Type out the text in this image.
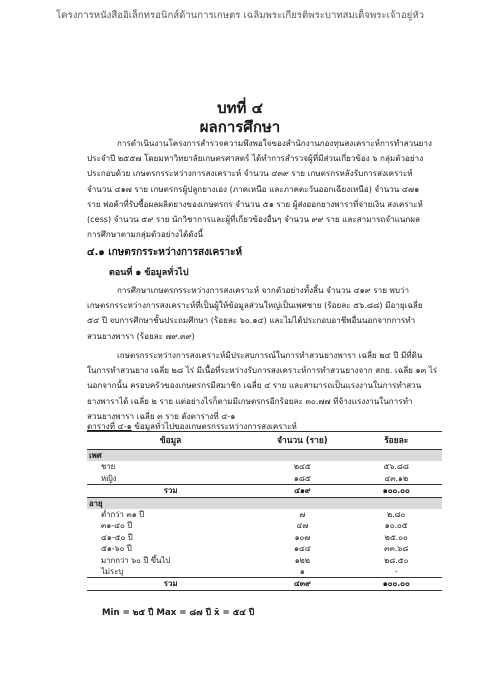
โครงการหนังสืออิเล็กทรอนิกส์ด้านการเกษตร เฉลิมพระเกียรติพระบาทสมเด็จพระเจ้าอยู่หัว
บทที่ ๔
ผลการศึกษา
การดำเนินงานโครงการสำรวจความพึงพอใจของสำนักงานกองทุนสงเคราะห์การทำสวนยาง
ประจำปี ๒๕๕๗ โดยมหาวิทยาลัยเกษตรศาสตร์ ได้ทำการสำรวจผู้ที่มีส่วนเกี่ยวข้อง ๖ กลุ่มตัวอย่าง
ประกอบด้วย เกษตรกรระหว่างการสงเคราะห์ จำนวน ๔๓๙ ราย เกษตรกรหลังรับการสงเคราะห์
จำนวน ๔๑๗ ราย เกษตรกรผู้ปลูกยางเอง (ภาคเหนือ และภาคตะวันออกเฉียงเหนือ) จำนวน ๔๗๑
ราย พ่อค้าที่รับซื้อผลผลิตยางของเกษตรกร จำนวน ๕๑ ราย ผู้ส่งออกยางพาราที่จ่ายเงิน สงเคราะห์
(cess) จำนวน ๕๙ ราย นักวิชาการและผู้ที่เกี่ยวข้องอื่นๆ จำนวน ๙๙ ราย และสามารถจำแนกผล
การศึกษาตามกลุ่มตัวอย่างได้ดังนี้
๔.๑ เกษตรกรระหว่างการสงเคราะห์
ตอนที่ ๑ ข้อมูลทั่วไป
การศึกษาเกษตรกรระหว่างการสงเคราะห์ จากตัวอย่างทั้งสิ้น จำนวน ๔๑๙ ราย พบว่า
เกษตรกรระหว่างการสงเคราะห์ที่เป็นผู้ให้ข้อมูลส่วนใหญ่เป็นเพศชาย (ร้อยละ ๕๖.๘๘) มีอายุเฉลี่ย
๕๔ ปี จบการศึกษาชั้นประถมศึกษา (ร้อยละ ๖๐.๑๔) และไม่ได้ประกอบอาชีพอื่นนอกจากการทำ
สวนยางพารา (ร้อยละ ๗๙.๓๙)
เกษตรกรระหว่างการสงเคราะห์มีประสบการณ์ในการทำสวนยางพารา เฉลี่ย ๒๔ ปี มีที่ดิน
ในการทำสวนยาง เฉลี่ย ๒๘ ไร่ มีเนื้อที่ระหว่างรับการสงเคราะห์การทำสวนยางจาก สกย. เฉลี่ย ๑๓ ไร่
นอกจากนั้น ครอบครัวของเกษตรกรมีสมาชิก เฉลี่ย ๔ ราย และสามารถเป็นแรงงานในการทำสวน
ยางพาราได้ เฉลี่ย ๒ ราย แต่อย่างไรก็ตามมีเกษตรกรอีกร้อยละ ๓๐.๗๗ ที่จ้างแรงงานในการทำ
สวนยางพารา เฉลี่ย ๓ ราย ดังตารางที่ ๔-๑
ตารางที่ ๔-๑ ข้อมูลทั่วไปของเกษตรกรระหว่างการสงเคราะห์
ข้อมูล	จำนวน (ราย)	ร้อยละ
เพศ		
ชาย	๒๔๕	๕๖.๘๘
หญิง	๑๘๕	๔๓.๑๒
รวม	๔๑๙	๑๐๐.๐๐
อายุ		
ต่ำกว่า ๓๑ ปี	๗	๒.๘๐
๓๑-๔๐ ปี	๔๗	๑๐.๐๕
๔๑-๕๐ ปี	๑๐๗	๒๕.๐๐
๕๑-๖๐ ปี	๑๔๔	๓๓.๖๘
มากกว่า ๖๐ ปี ขึ้นไป	๑๒๒	๒๘.๕๐
ไม่ระบุ	๑	-
รวม	๔๓๙	๑๐๐.๐๐
Min = ๒๕ ปี Max = ๘๗ ปี x̄ = ๕๔ ปี
